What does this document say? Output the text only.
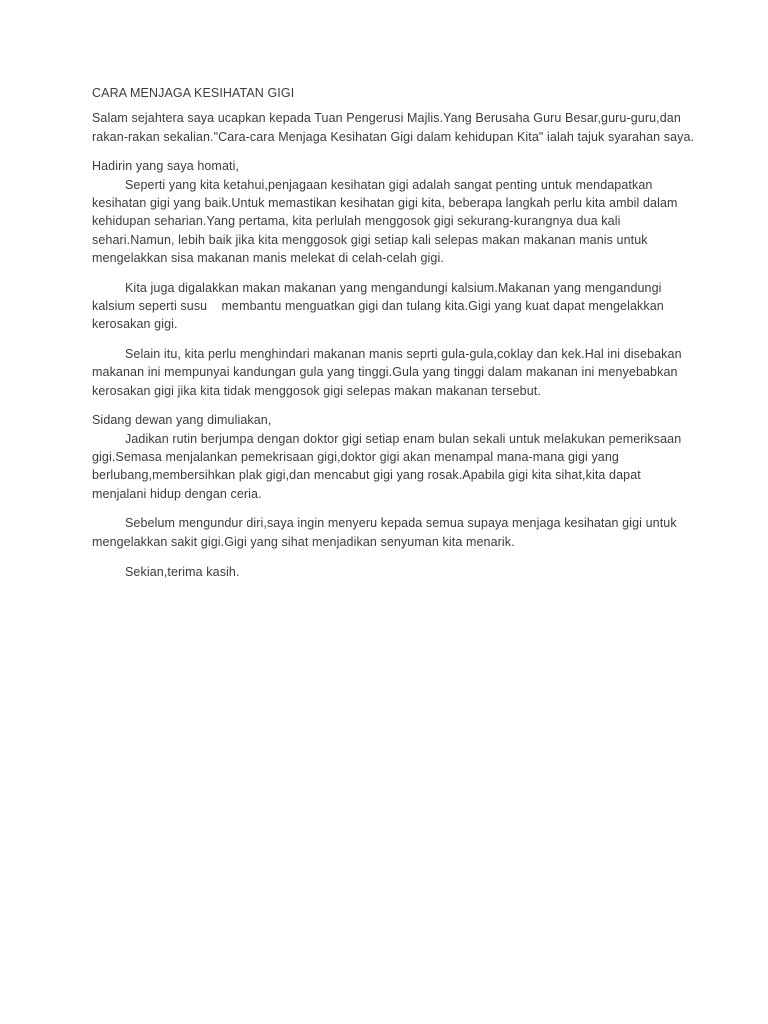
CARA MENJAGA KESIHATAN GIGI

Salam sejahtera saya ucapkan kepada Tuan Pengerusi Majlis.Yang Berusaha Guru Besar,guru-guru,dan rakan-rakan sekalian."Cara-cara Menjaga Kesihatan Gigi dalam kehidupan Kita" ialah tajuk syarahan saya.

Hadirin yang saya homati,

Seperti yang kita ketahui,penjagaan kesihatan gigi adalah sangat penting untuk mendapatkan kesihatan gigi yang baik.Untuk memastikan kesihatan gigi kita, beberapa langkah perlu kita ambil dalam kehidupan seharian.Yang pertama, kita perlulah menggosok gigi sekurang-kurangnya dua kali sehari.Namun, lebih baik jika kita menggosok gigi setiap kali selepas makan makanan manis untuk mengelakkan sisa makanan manis melekat di celah-celah gigi.

Kita juga digalakkan makan makanan yang mengandungi kalsium.Makanan yang mengandungi kalsium seperti susu    membantu menguatkan gigi dan tulang kita.Gigi yang kuat dapat mengelakkan kerosakan gigi.

Selain itu, kita perlu menghindari makanan manis seprti gula-gula,coklay dan kek.Hal ini disebakan makanan ini mempunyai kandungan gula yang tinggi.Gula yang tinggi dalam makanan ini menyebabkan kerosakan gigi jika kita tidak menggosok gigi selepas makan makanan tersebut.

Sidang dewan yang dimuliakan,

Jadikan rutin berjumpa dengan doktor gigi setiap enam bulan sekali untuk melakukan pemeriksaan gigi.Semasa menjalankan pemekrisaan gigi,doktor gigi akan menampal mana-mana gigi yang berlubang,membersihkan plak gigi,dan mencabut gigi yang rosak.Apabila gigi kita sihat,kita dapat menjalani hidup dengan ceria.

Sebelum mengundur diri,saya ingin menyeru kepada semua supaya menjaga kesihatan gigi untuk mengelakkan sakit gigi.Gigi yang sihat menjadikan senyuman kita menarik.

Sekian,terima kasih.
